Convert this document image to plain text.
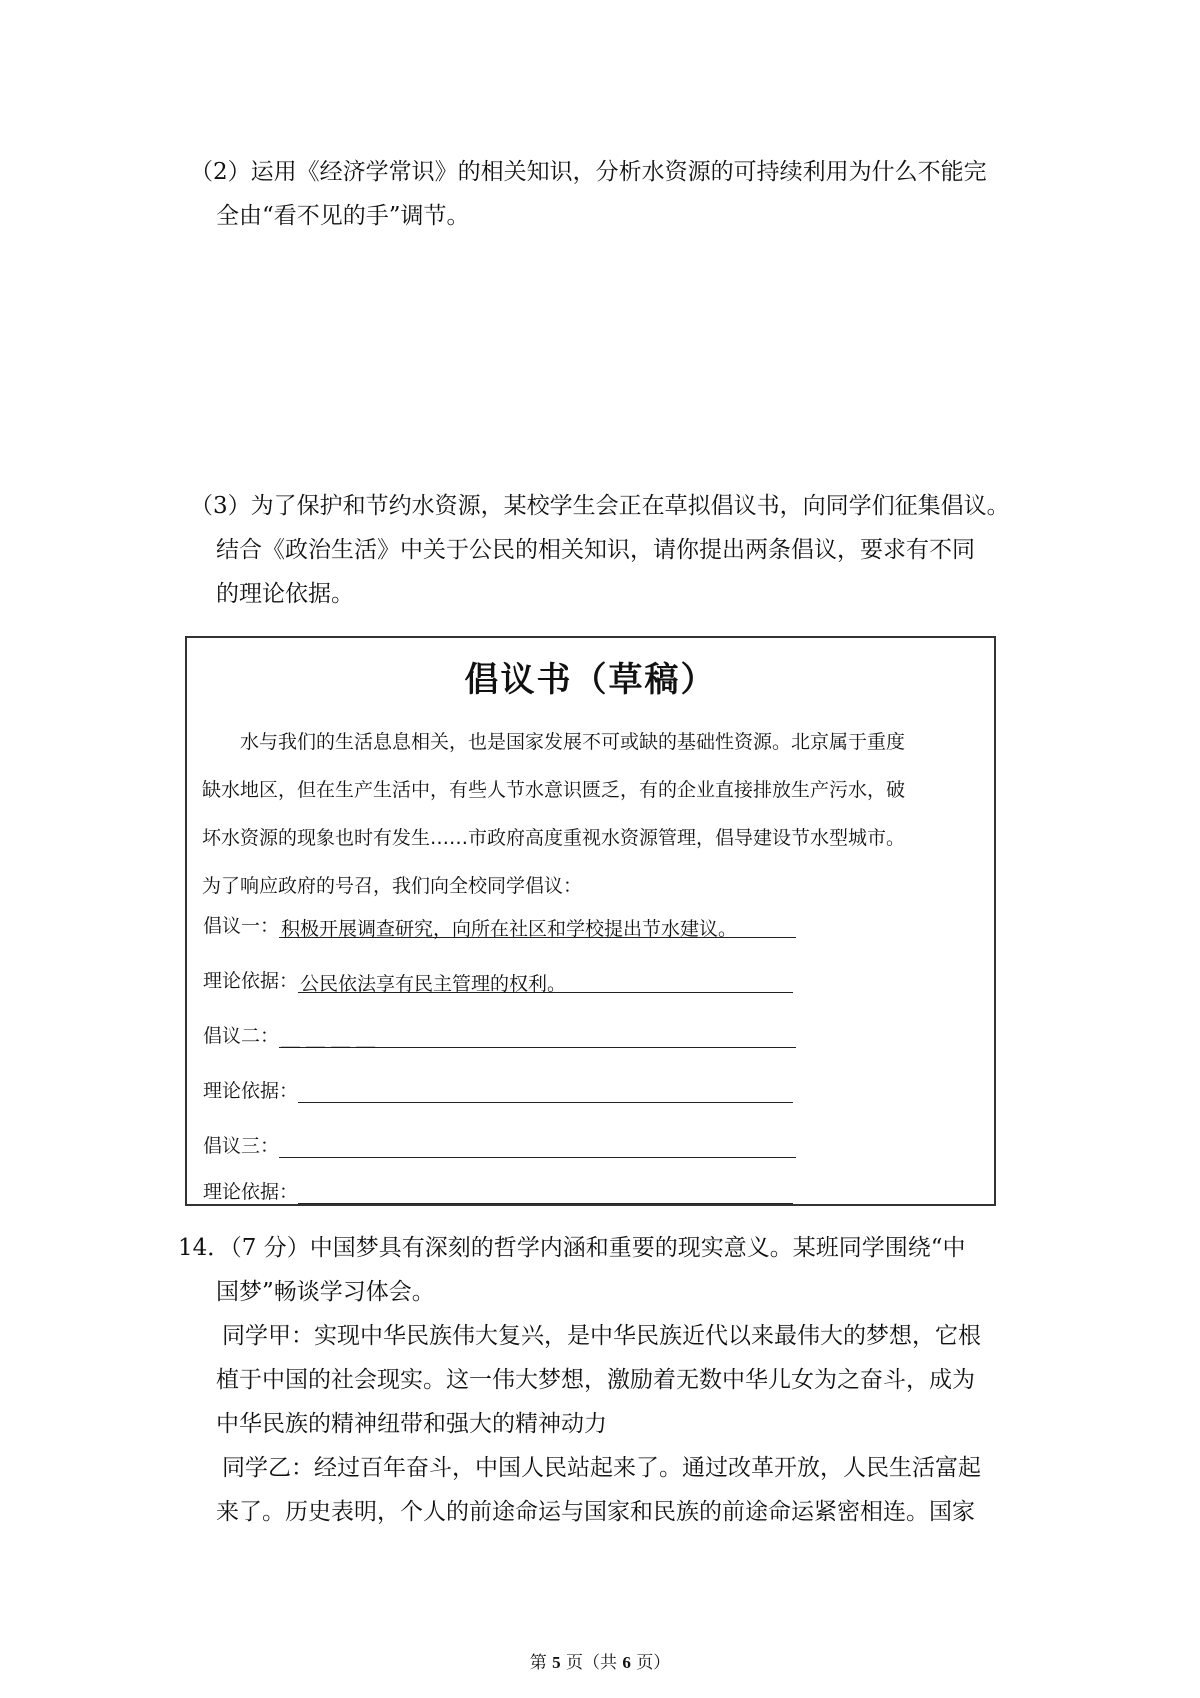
（2）运用《经济学常识》的相关知识，分析水资源的可持续利用为什么不能完
全由“看不见的手”调节。
（3）为了保护和节约水资源，某校学生会正在草拟倡议书，向同学们征集倡议。
结合《政治生活》中关于公民的相关知识，请你提出两条倡议，要求有不同
的理论依据。
倡议书（草稿）
水与我们的生活息息相关，也是国家发展不可或缺的基础性资源。北京属于重度
缺水地区，但在生产生活中，有些人节水意识匮乏，有的企业直接排放生产污水，破
坏水资源的现象也时有发生……市政府高度重视水资源管理，倡导建设节水型城市。
为了响应政府的号召，我们向全校同学倡议：
倡议一： 积极开展调查研究，向所在社区和学校提出节水建议。
理论依据： 公民依法享有民主管理的权利。
倡议二： ＿ ＿ ＿ ＿
理论依据：
倡议三：
理论依据：
14．（7 分）中国梦具有深刻的哲学内涵和重要的现实意义。某班同学围绕“中
国梦”畅谈学习体会。
同学甲：实现中华民族伟大复兴，是中华民族近代以来最伟大的梦想，它根
植于中国的社会现实。这一伟大梦想，激励着无数中华儿女为之奋斗，成为
中华民族的精神纽带和强大的精神动力
同学乙：经过百年奋斗，中国人民站起来了。通过改革开放，人民生活富起
来了。历史表明，个人的前途命运与国家和民族的前途命运紧密相连。国家
第 5 页（共 6 页）
